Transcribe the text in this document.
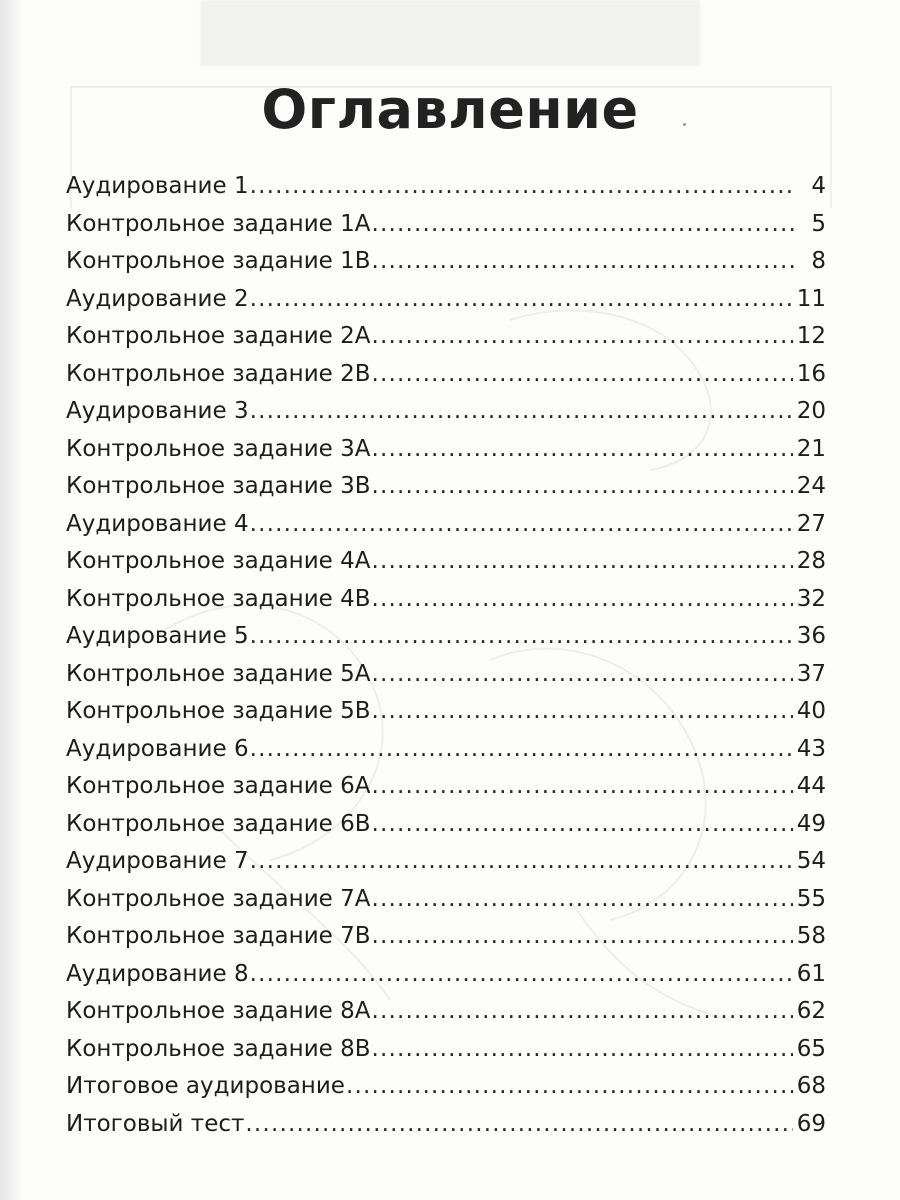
Оглавление
Аудирование 1 .....	4
Контрольное задание 1А .....	5
Контрольное задание 1В .....	8
Аудирование 2 .....	11
Контрольное задание 2А .....	12
Контрольное задание 2В .....	16
Аудирование 3 .....	20
Контрольное задание 3А .....	21
Контрольное задание 3В .....	24
Аудирование 4 .....	27
Контрольное задание 4А .....	28
Контрольное задание 4В .....	32
Аудирование 5 .....	36
Контрольное задание 5А .....	37
Контрольное задание 5В .....	40
Аудирование 6 .....	43
Контрольное задание 6А .....	44
Контрольное задание 6В .....	49
Аудирование 7 .....	54
Контрольное задание 7А .....	55
Контрольное задание 7В .....	58
Аудирование 8 .....	61
Контрольное задание 8А .....	62
Контрольное задание 8В .....	65
Итоговое аудирование .....	68
Итоговый тест .....	69
